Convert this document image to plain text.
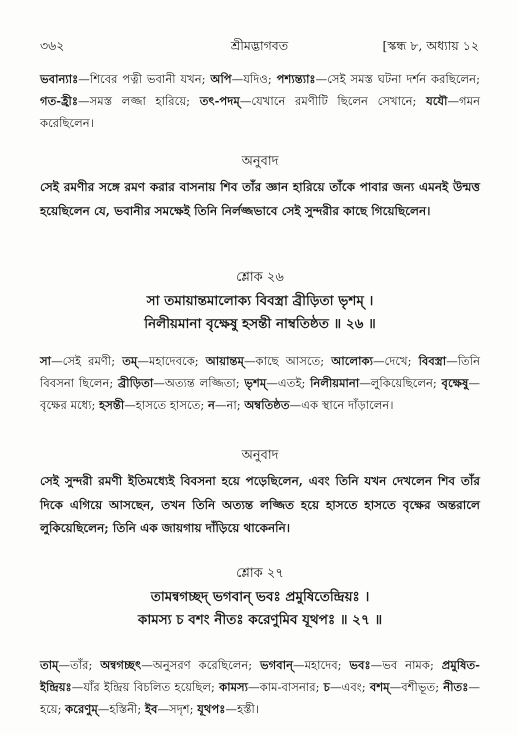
৩৬২	শ্রীমদ্ভাগবত	[স্কন্ধ ৮, অধ্যায় ১২
ভবান্যাঃ—শিবের পত্নী ভবানী যখন; অপি—যদিও; পশ্যন্ত্যাঃ—সেই সমস্ত ঘটনা দর্শন করছিলেন; গত-হ্রীঃ—সমস্ত লজ্জা হারিয়ে; তৎ-পদম্—যেখানে রমণীটি ছিলেন সেখানে; যযৌ—গমন করেছিলেন।
অনুবাদ
সেই রমণীর সঙ্গে রমণ করার বাসনায় শিব তাঁর জ্ঞান হারিয়ে তাঁকে পাবার জন্য এমনই উন্মত্ত হয়েছিলেন যে, ভবানীর সমক্ষেই তিনি নির্লজ্জভাবে সেই সুন্দরীর কাছে গিয়েছিলেন।
শ্লোক ২৬
সা তমায়ান্তমালোক্য বিবস্ত্রা ব্রীড়িতা ভৃশম্ ।
নিলীয়মানা বৃক্ষেষু হসন্তী নাম্বতিষ্ঠত ॥ ২৬ ॥
সা—সেই রমণী; তম্—মহাদেবকে; আয়ান্তম্—কাছে আসতে; আলোক্য—দেখে; বিবস্ত্রা—তিনি বিবসনা ছিলেন; ব্রীড়িতা—অত্যন্ত লজ্জিতা; ভৃশম্—এতই; নিলীয়মানা—লুকিয়েছিলেন; বৃক্ষেষু—বৃক্ষের মধ্যে; হসন্তী—হাসতে হাসতে; ন—না; অম্বতিষ্ঠত—এক স্থানে দাঁড়ালেন।
অনুবাদ
সেই সুন্দরী রমণী ইতিমধ্যেই বিবসনা হয়ে পড়েছিলেন, এবং তিনি যখন দেখলেন শিব তাঁর দিকে এগিয়ে আসছেন, তখন তিনি অত্যন্ত লজ্জিত হয়ে হাসতে হাসতে বৃক্ষের অন্তরালে লুকিয়েছিলেন; তিনি এক জায়গায় দাঁড়িয়ে থাকেননি।
শ্লোক ২৭
তামন্বগচ্ছদ্ ভগবান্ ভবঃ প্রমুষিতেন্দ্রিয়ঃ ।
কামস্য চ বশং নীতঃ করেণুমিব যূথপঃ ॥ ২৭ ॥
তাম্—তাঁর; অন্বগচ্ছৎ—অনুসরণ করেছিলেন; ভগবান্—মহাদেব; ভবঃ—ভব নামক; প্রমুষিত-ইন্দ্রিয়ঃ—যাঁর ইন্দ্রিয় বিচলিত হয়েছিল; কামস্য—কাম-বাসনার; চ—এবং; বশম্—বশীভূত; নীতঃ—হয়ে; করেণুম্—হস্তিনী; ইব—সদৃশ; যূথপঃ—হস্তী।
